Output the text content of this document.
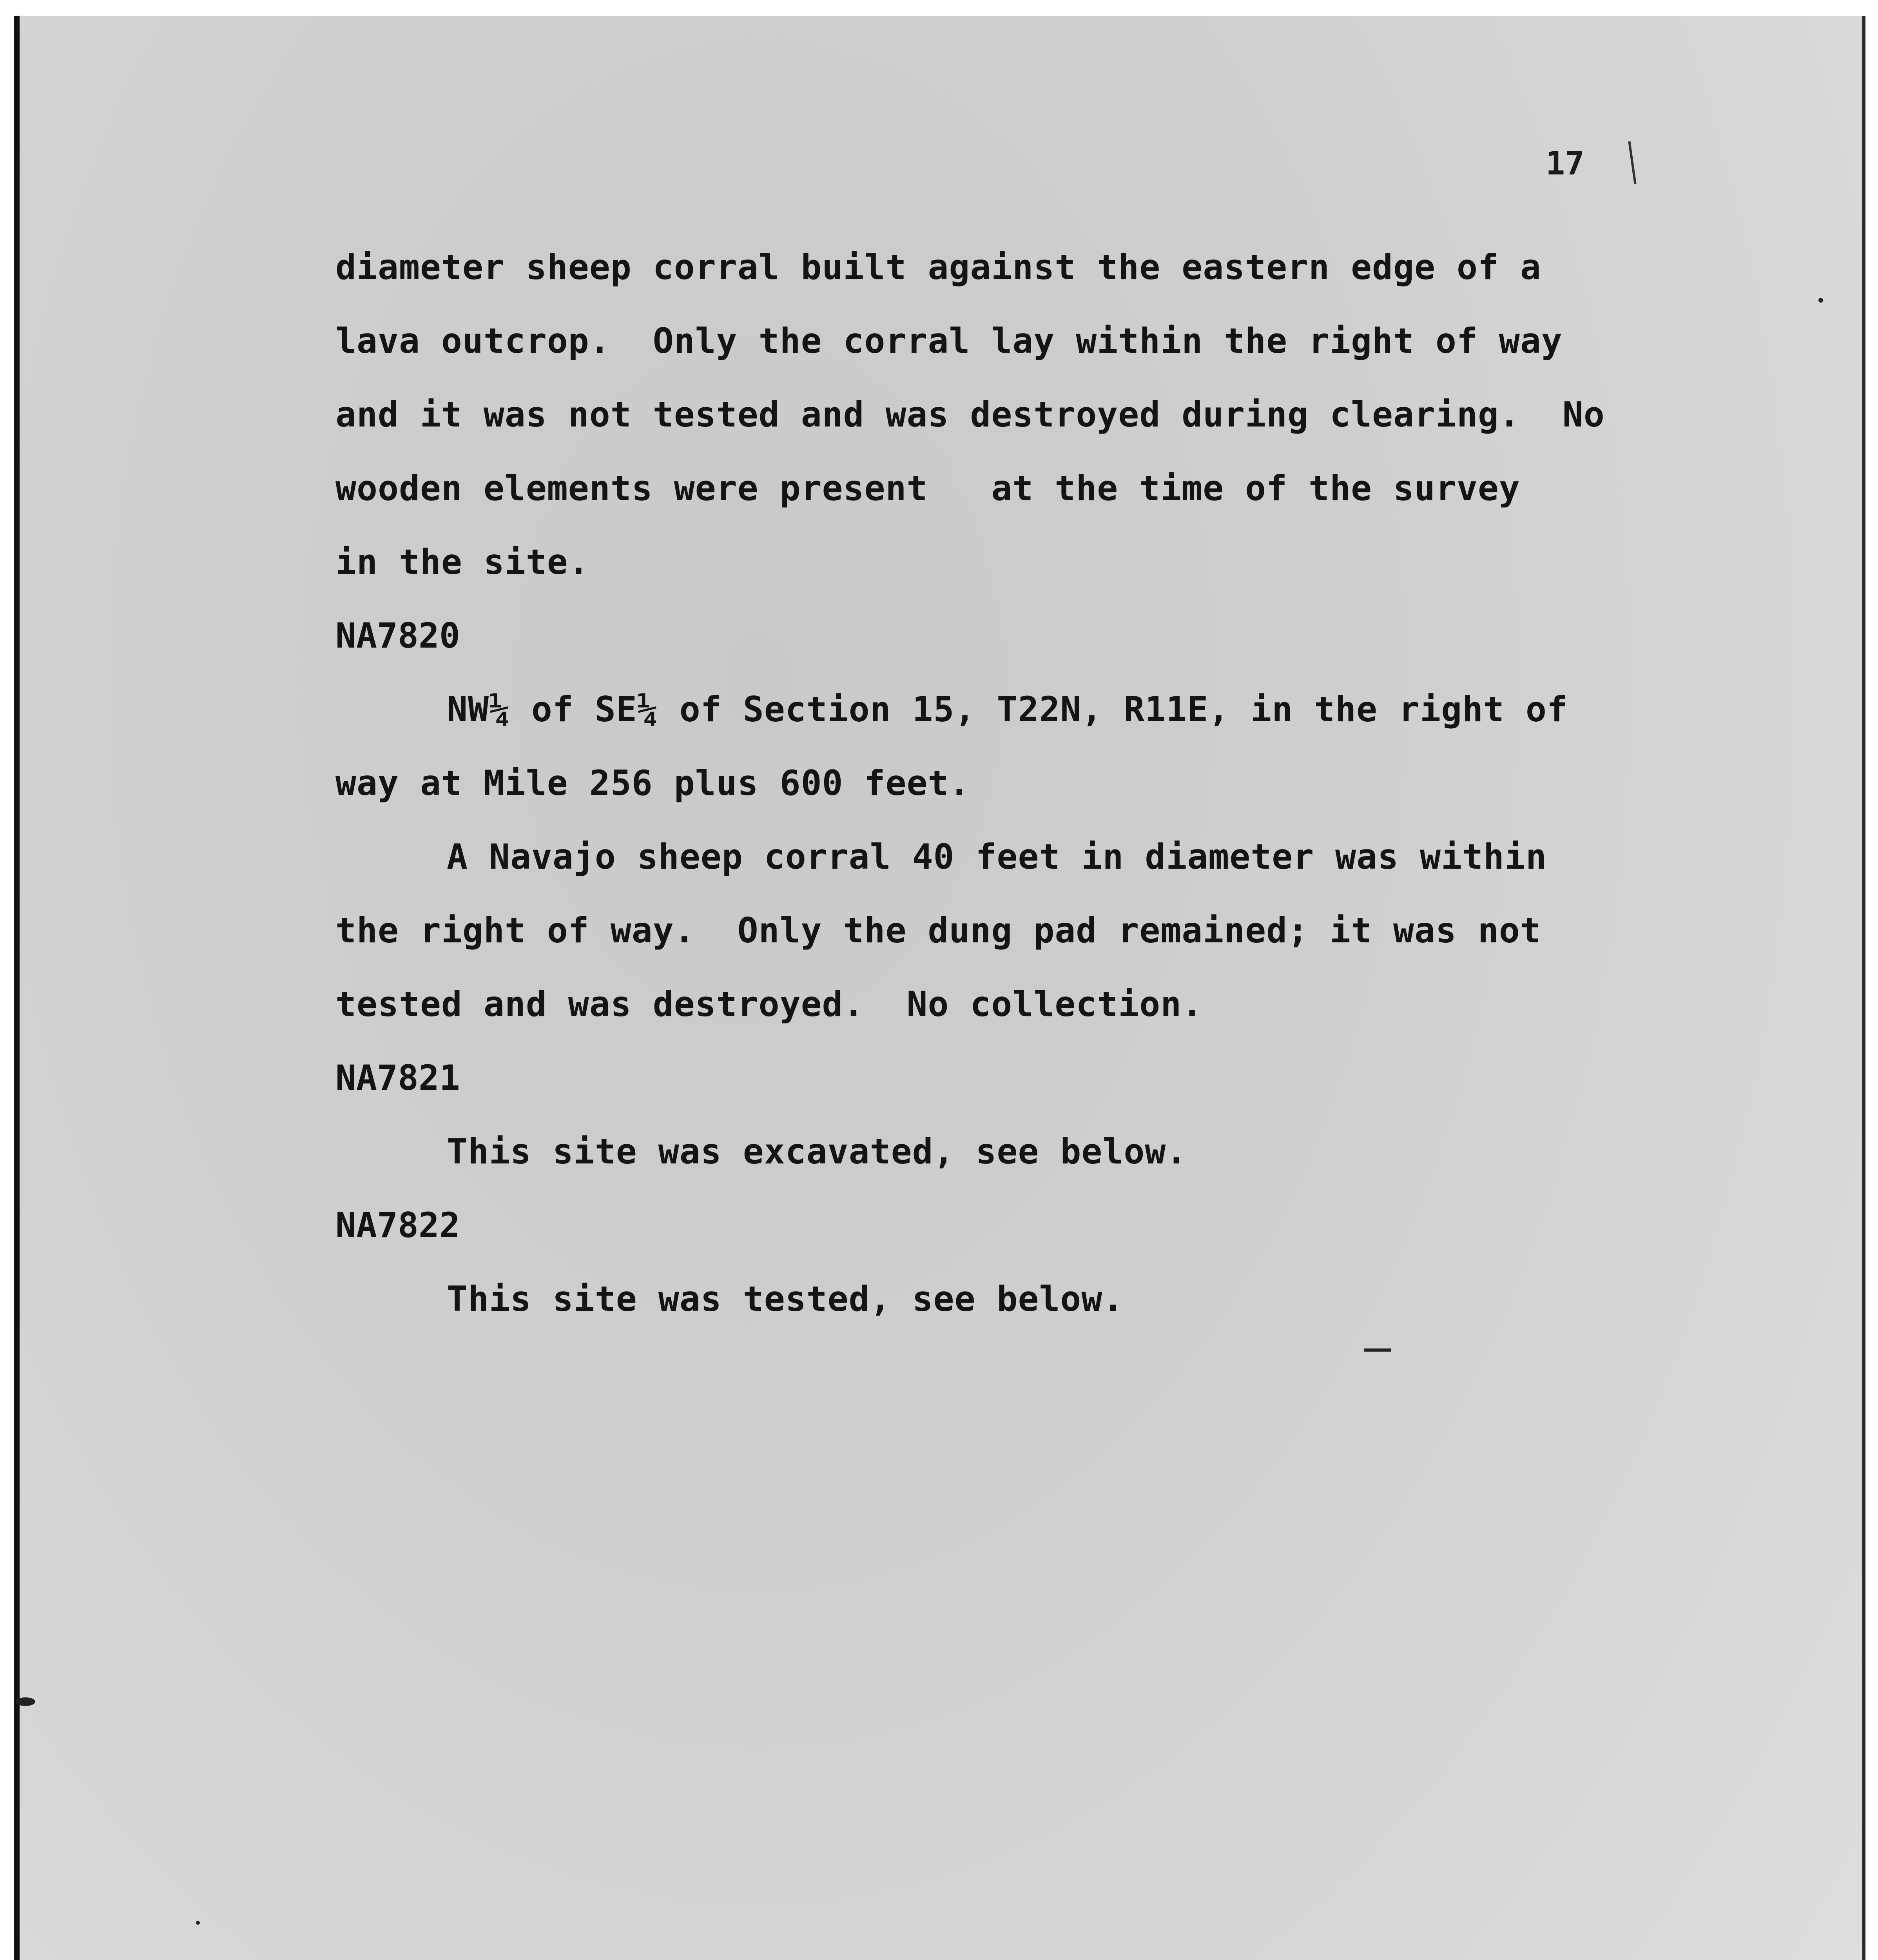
17
diameter sheep corral built against the eastern edge of a
lava outcrop.  Only the corral lay within the right of way
and it was not tested and was destroyed during clearing.  No
wooden elements were present   at the time of the survey
in the site.
NA7820
NW¼ of SE¼ of Section 15, T22N, R11E, in the right of
way at Mile 256 plus 600 feet.
A Navajo sheep corral 40 feet in diameter was within
the right of way.  Only the dung pad remained; it was not
tested and was destroyed.  No collection.
NA7821
This site was excavated, see below.
NA7822
This site was tested, see below.
